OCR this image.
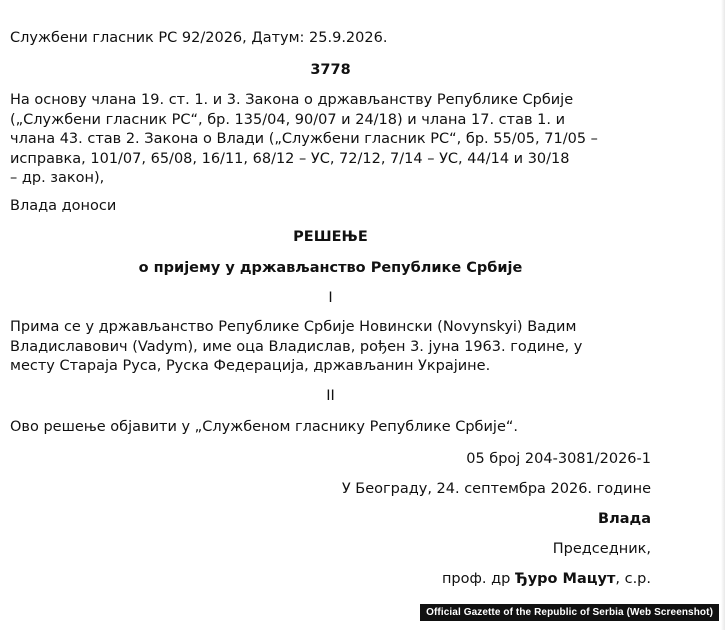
Службени гласник РС 92/2026, Датум: 25.9.2026.
3778
На основу члана 19. ст. 1. и 3. Закона о држављанству Републике Србије
(„Службени гласник РС“, бр. 135/04, 90/07 и 24/18) и члана 17. став 1. и
члана 43. став 2. Закона о Влади („Службени гласник РС“, бр. 55/05, 71/05 –
исправка, 101/07, 65/08, 16/11, 68/12 – УС, 72/12, 7/14 – УС, 44/14 и 30/18
– др. закон),
Влада доноси
РЕШЕЊЕ
о пријему у држављанство Републике Србије
I
Прима се у држављанство Републике Србије Новински (Novynskyi) Вадим
Владиславович (Vadym), име оца Владислав, рођен 3. јуна 1963. године, у
месту Старaја Руса, Руска Федерација, држављанин Украјине.
II
Ово решење објавити у „Службеном гласнику Републике Србије“.
05 број 204-3081/2026-1
У Београду, 24. септембра 2026. године
Влада
Председник,
проф. др Ђуро Мацут, с.р.
Official Gazette of the Republic of Serbia (Web Screenshot)
